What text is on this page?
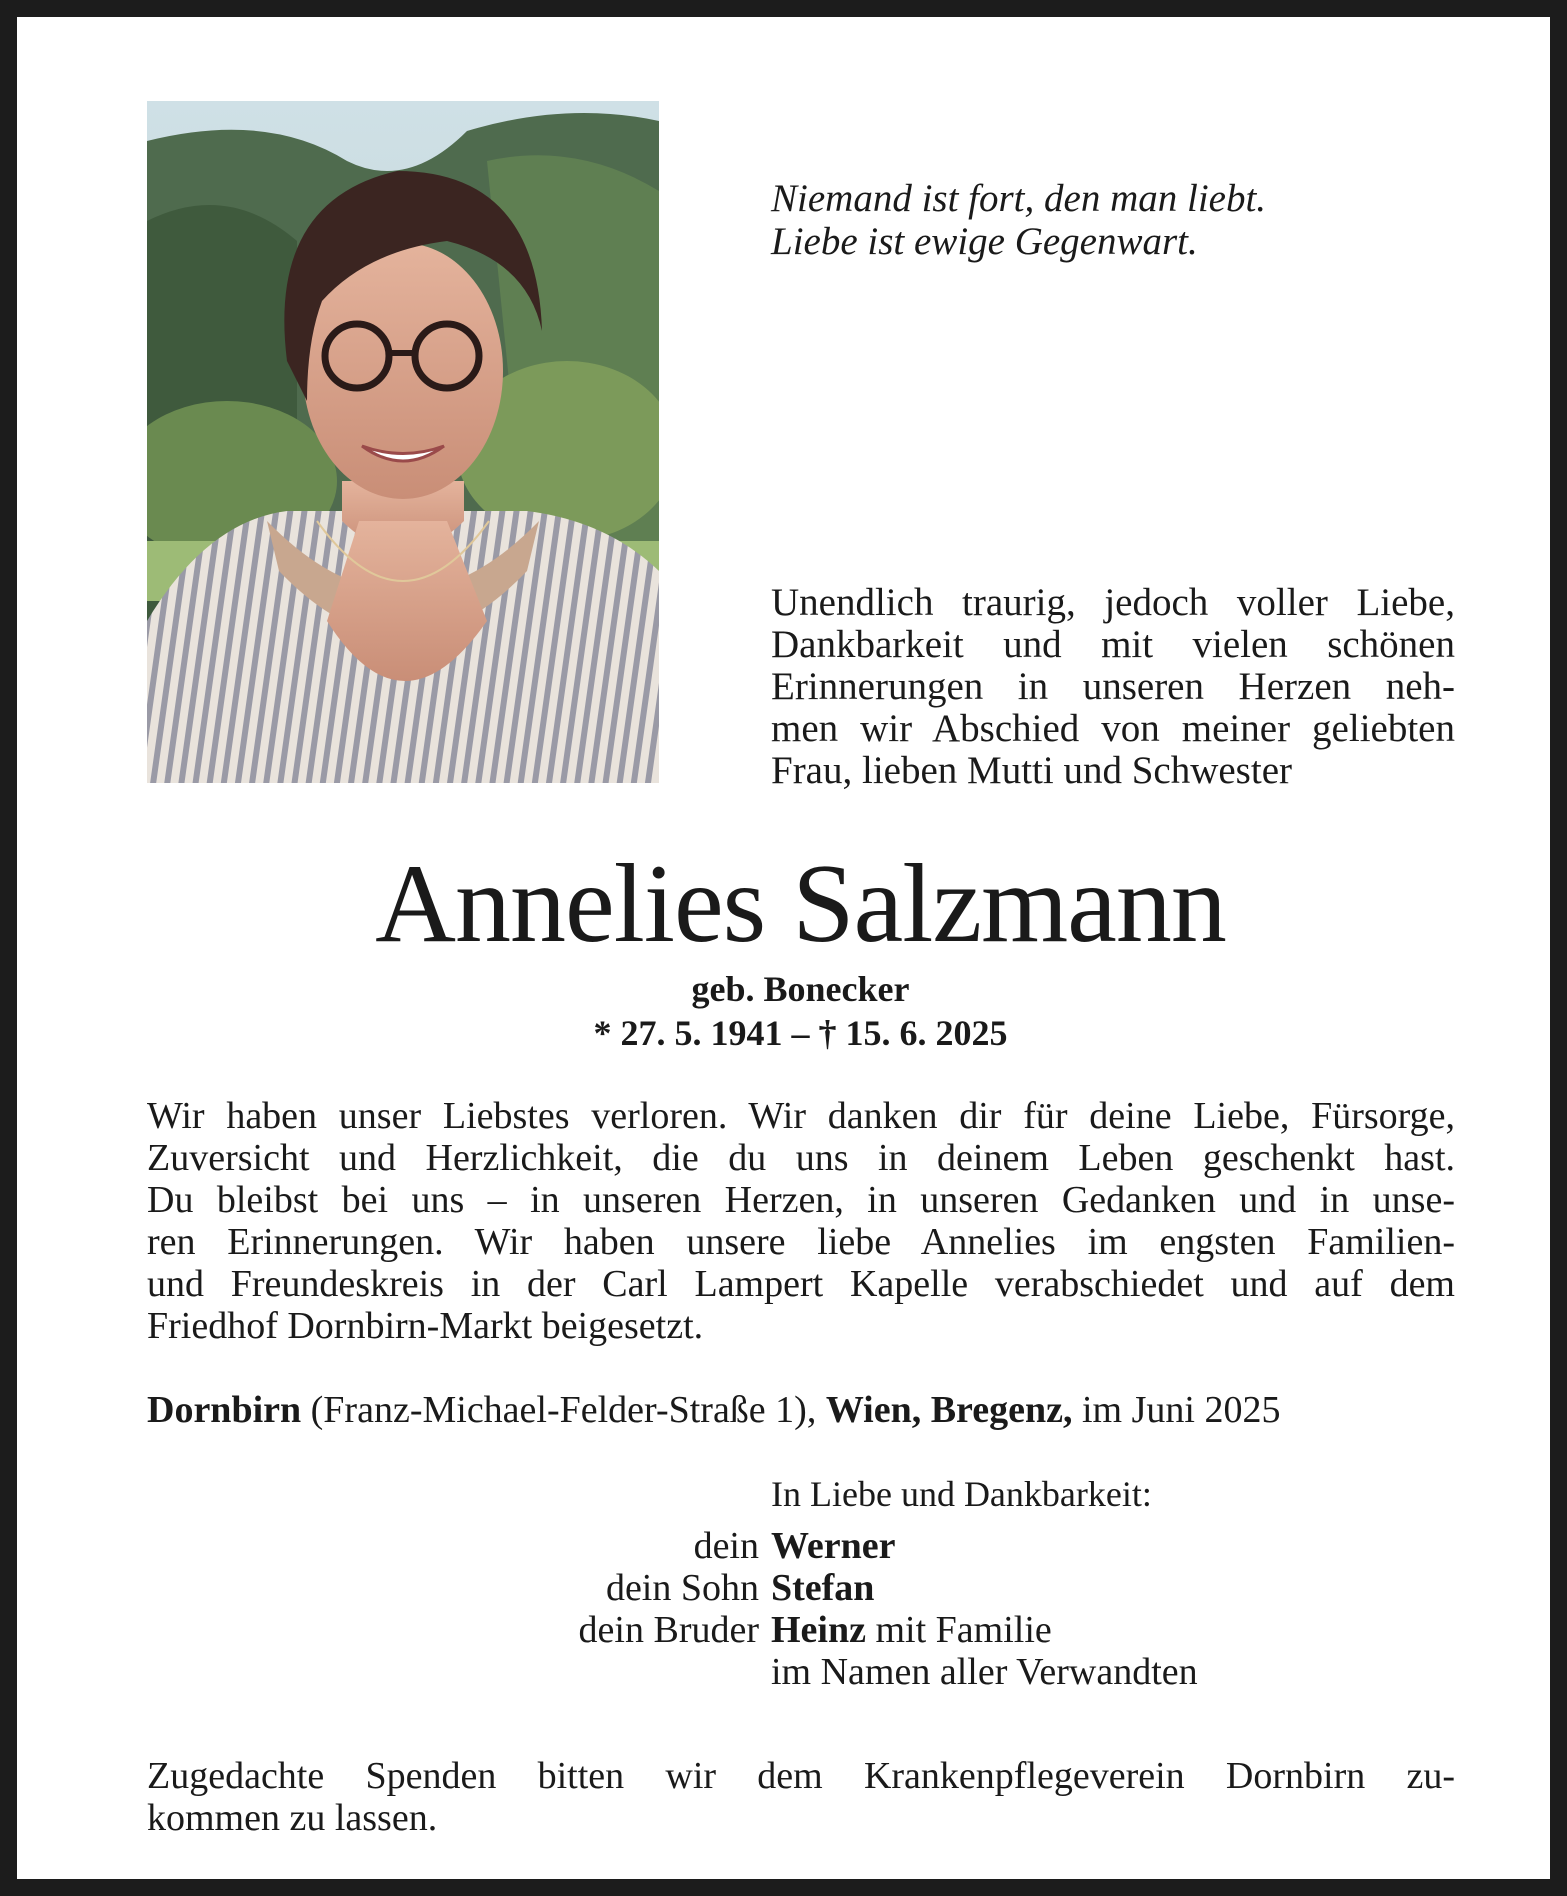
Niemand ist fort, den man liebt.
Liebe ist ewige Gegenwart.
Unendlich traurig, jedoch voller Liebe,
Dankbarkeit und mit vielen schönen
Erinnerungen in unseren Herzen neh-
men wir Abschied von meiner geliebten
Frau, lieben Mutti und Schwester
Annelies Salzmann
geb. Bonecker
* 27. 5. 1941 – † 15. 6. 2025
Wir haben unser Liebstes verloren. Wir danken dir für deine Liebe, Fürsorge,
Zuversicht und Herzlichkeit, die du uns in deinem Leben geschenkt hast.
Du bleibst bei uns – in unseren Herzen, in unseren Gedanken und in unse-
ren Erinnerungen. Wir haben unsere liebe Annelies im engsten Familien-
und Freundeskreis in der Carl Lampert Kapelle verabschiedet und auf dem
Friedhof Dornbirn-Markt beigesetzt.
Dornbirn (Franz-Michael-Felder-Straße 1), Wien, Bregenz, im Juni 2025
In Liebe und Dankbarkeit:
dein Werner
dein Sohn Stefan
dein Bruder Heinz mit Familie
im Namen aller Verwandten
Zugedachte Spenden bitten wir dem Krankenpflegeverein Dornbirn zu-
kommen zu lassen.
